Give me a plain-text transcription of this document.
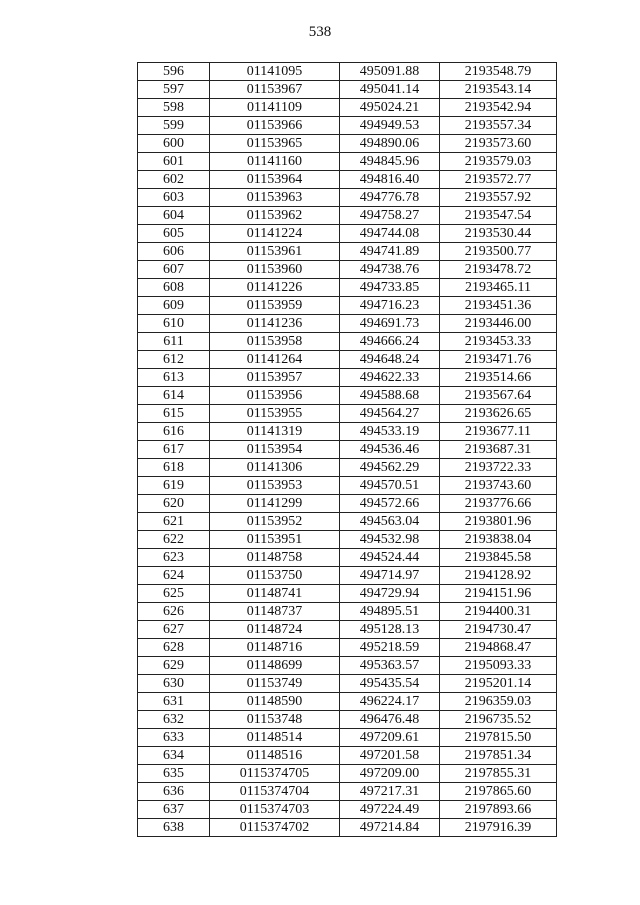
538
596	01141095	495091.88	2193548.79
597	01153967	495041.14	2193543.14
598	01141109	495024.21	2193542.94
599	01153966	494949.53	2193557.34
600	01153965	494890.06	2193573.60
601	01141160	494845.96	2193579.03
602	01153964	494816.40	2193572.77
603	01153963	494776.78	2193557.92
604	01153962	494758.27	2193547.54
605	01141224	494744.08	2193530.44
606	01153961	494741.89	2193500.77
607	01153960	494738.76	2193478.72
608	01141226	494733.85	2193465.11
609	01153959	494716.23	2193451.36
610	01141236	494691.73	2193446.00
611	01153958	494666.24	2193453.33
612	01141264	494648.24	2193471.76
613	01153957	494622.33	2193514.66
614	01153956	494588.68	2193567.64
615	01153955	494564.27	2193626.65
616	01141319	494533.19	2193677.11
617	01153954	494536.46	2193687.31
618	01141306	494562.29	2193722.33
619	01153953	494570.51	2193743.60
620	01141299	494572.66	2193776.66
621	01153952	494563.04	2193801.96
622	01153951	494532.98	2193838.04
623	01148758	494524.44	2193845.58
624	01153750	494714.97	2194128.92
625	01148741	494729.94	2194151.96
626	01148737	494895.51	2194400.31
627	01148724	495128.13	2194730.47
628	01148716	495218.59	2194868.47
629	01148699	495363.57	2195093.33
630	01153749	495435.54	2195201.14
631	01148590	496224.17	2196359.03
632	01153748	496476.48	2196735.52
633	01148514	497209.61	2197815.50
634	01148516	497201.58	2197851.34
635	0115374705	497209.00	2197855.31
636	0115374704	497217.31	2197865.60
637	0115374703	497224.49	2197893.66
638	0115374702	497214.84	2197916.39
